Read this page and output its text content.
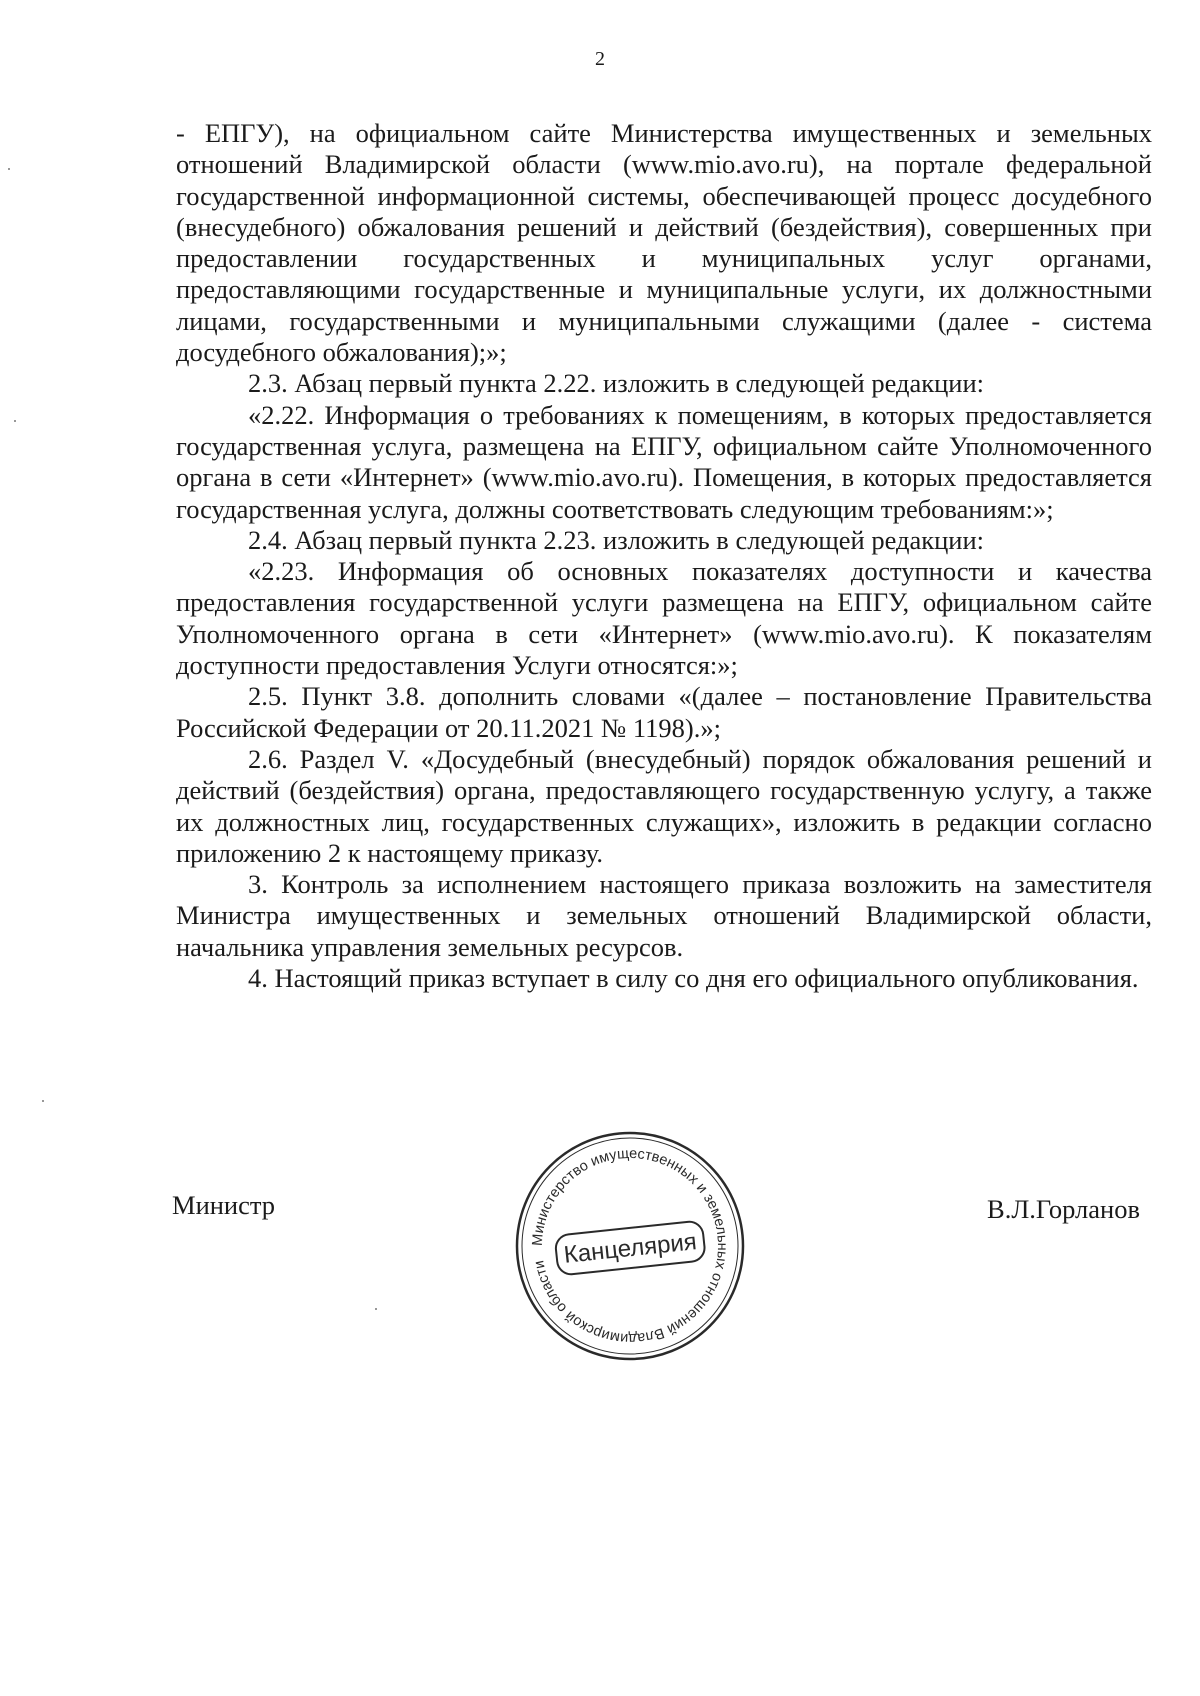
2

- ЕПГУ), на официальном сайте Министерства имущественных и земельных отношений Владимирской области (www.mio.avo.ru), на портале федеральной государственной информационной системы, обеспечивающей процесс досудебного (внесудебного) обжалования решений и действий (бездействия), совершенных при предоставлении государственных и муниципальных услуг органами, предоставляющими государственные и муниципальные услуги, их должностными лицами, государственными и муниципальными служащими (далее - система досудебного обжалования);»;

2.3. Абзац первый пункта 2.22. изложить в следующей редакции:

«2.22. Информация о требованиях к помещениям, в которых предоставляется государственная услуга, размещена на ЕПГУ, официальном сайте Уполномоченного органа в сети «Интернет» (www.mio.avo.ru). Помещения, в которых предоставляется государственная услуга, должны соответствовать следующим требованиям:»;

2.4. Абзац первый пункта 2.23. изложить в следующей редакции:

«2.23. Информация об основных показателях доступности и качества предоставления государственной услуги размещена на ЕПГУ, официальном сайте Уполномоченного органа в сети «Интернет» (www.mio.avo.ru). К показателям доступности предоставления Услуги относятся:»;

2.5. Пункт 3.8. дополнить словами «(далее – постановление Правительства Российской Федерации от 20.11.2021 № 1198).»;

2.6. Раздел V. «Досудебный (внесудебный) порядок обжалования решений и действий (бездействия) органа, предоставляющего государственную услугу, а также их должностных лиц, государственных служащих», изложить в редакции согласно приложению 2 к настоящему приказу.

3. Контроль за исполнением настоящего приказа возложить на заместителя Министра имущественных и земельных отношений Владимирской области, начальника управления земельных ресурсов.

4. Настоящий приказ вступает в силу со дня его официального опубликования.

Министр	В.Л.Горланов
Министерство имущественных и земельных отношений Владимирской области Канцелярия
